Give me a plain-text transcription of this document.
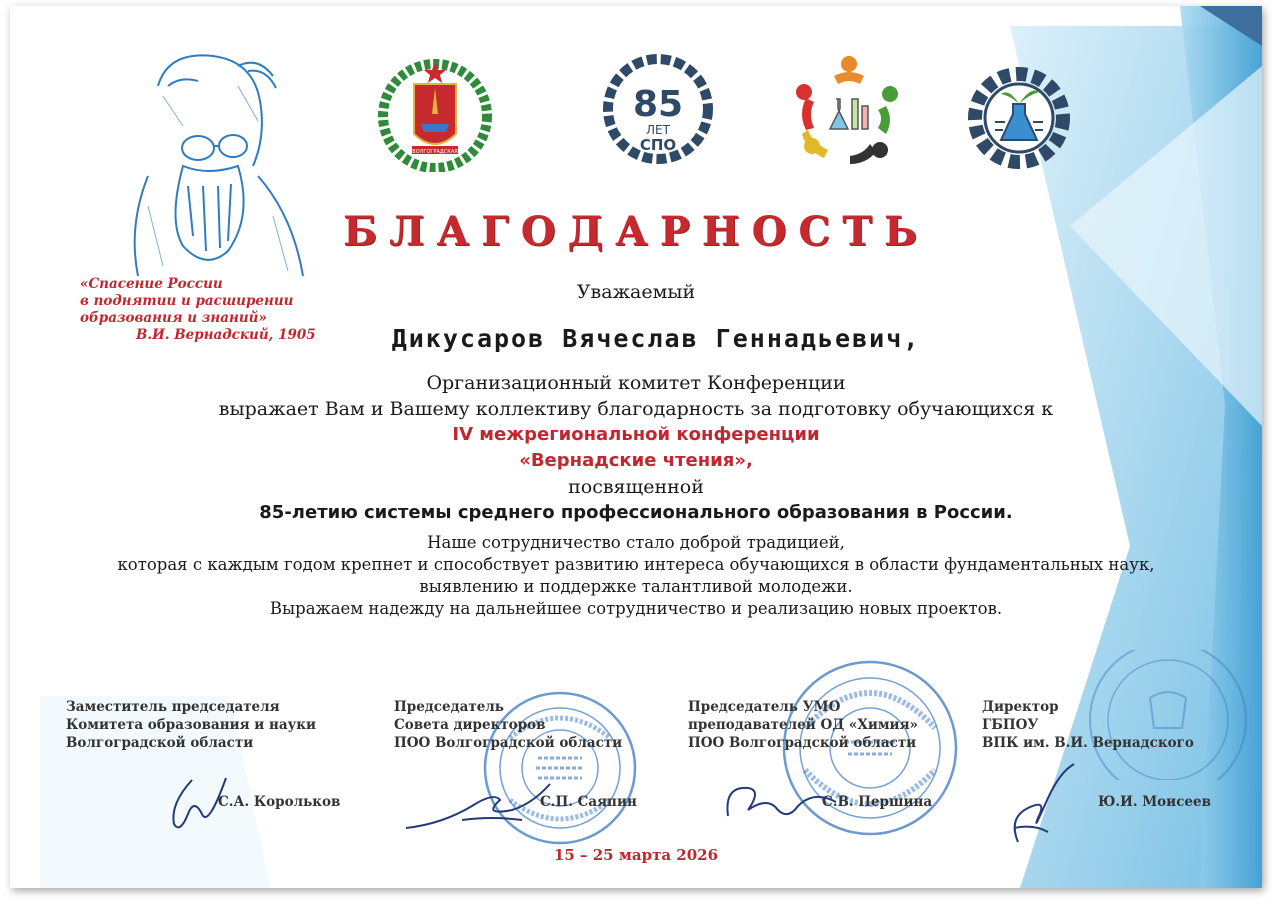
«Спасение России
в поднятии и расширении
образования и знаний»

В.И. Вернадский, 1905
ВОЛГОГРАДСКАЯ
85
ЛЕТ
СПО
БЛАГОДАРНОСТЬ
Уважаемый
Дикусаров Вячеслав Геннадьевич,
Организационный комитет Конференции
выражает Вам и Вашему коллективу благодарность за подготовку обучающихся к
IV межрегиональной конференции
«Вернадские чтения»,
посвященной
85-летию системы среднего профессионального образования в России.
Наше сотрудничество стало доброй традицией,
которая с каждым годом крепнет и способствует развитию интереса обучающихся в области фундаментальных наук,
выявлению и поддержке талантливой молодежи.
Выражаем надежду на дальнейшее сотрудничество и реализацию новых проектов.
Заместитель председателя
Комитета образования и науки
Волгоградской области
С.А. Корольков
Председатель
Совета директоров
ПОО Волгоградской области
С.П. Саяпин
Председатель УМО
преподавателей ОД «Химия»
ПОО Волгоградской области
С.В. Першина
Директор
ГБПОУ
ВПК им. В.И. Вернадского
Ю.И. Моисеев
15 – 25 марта 2026
